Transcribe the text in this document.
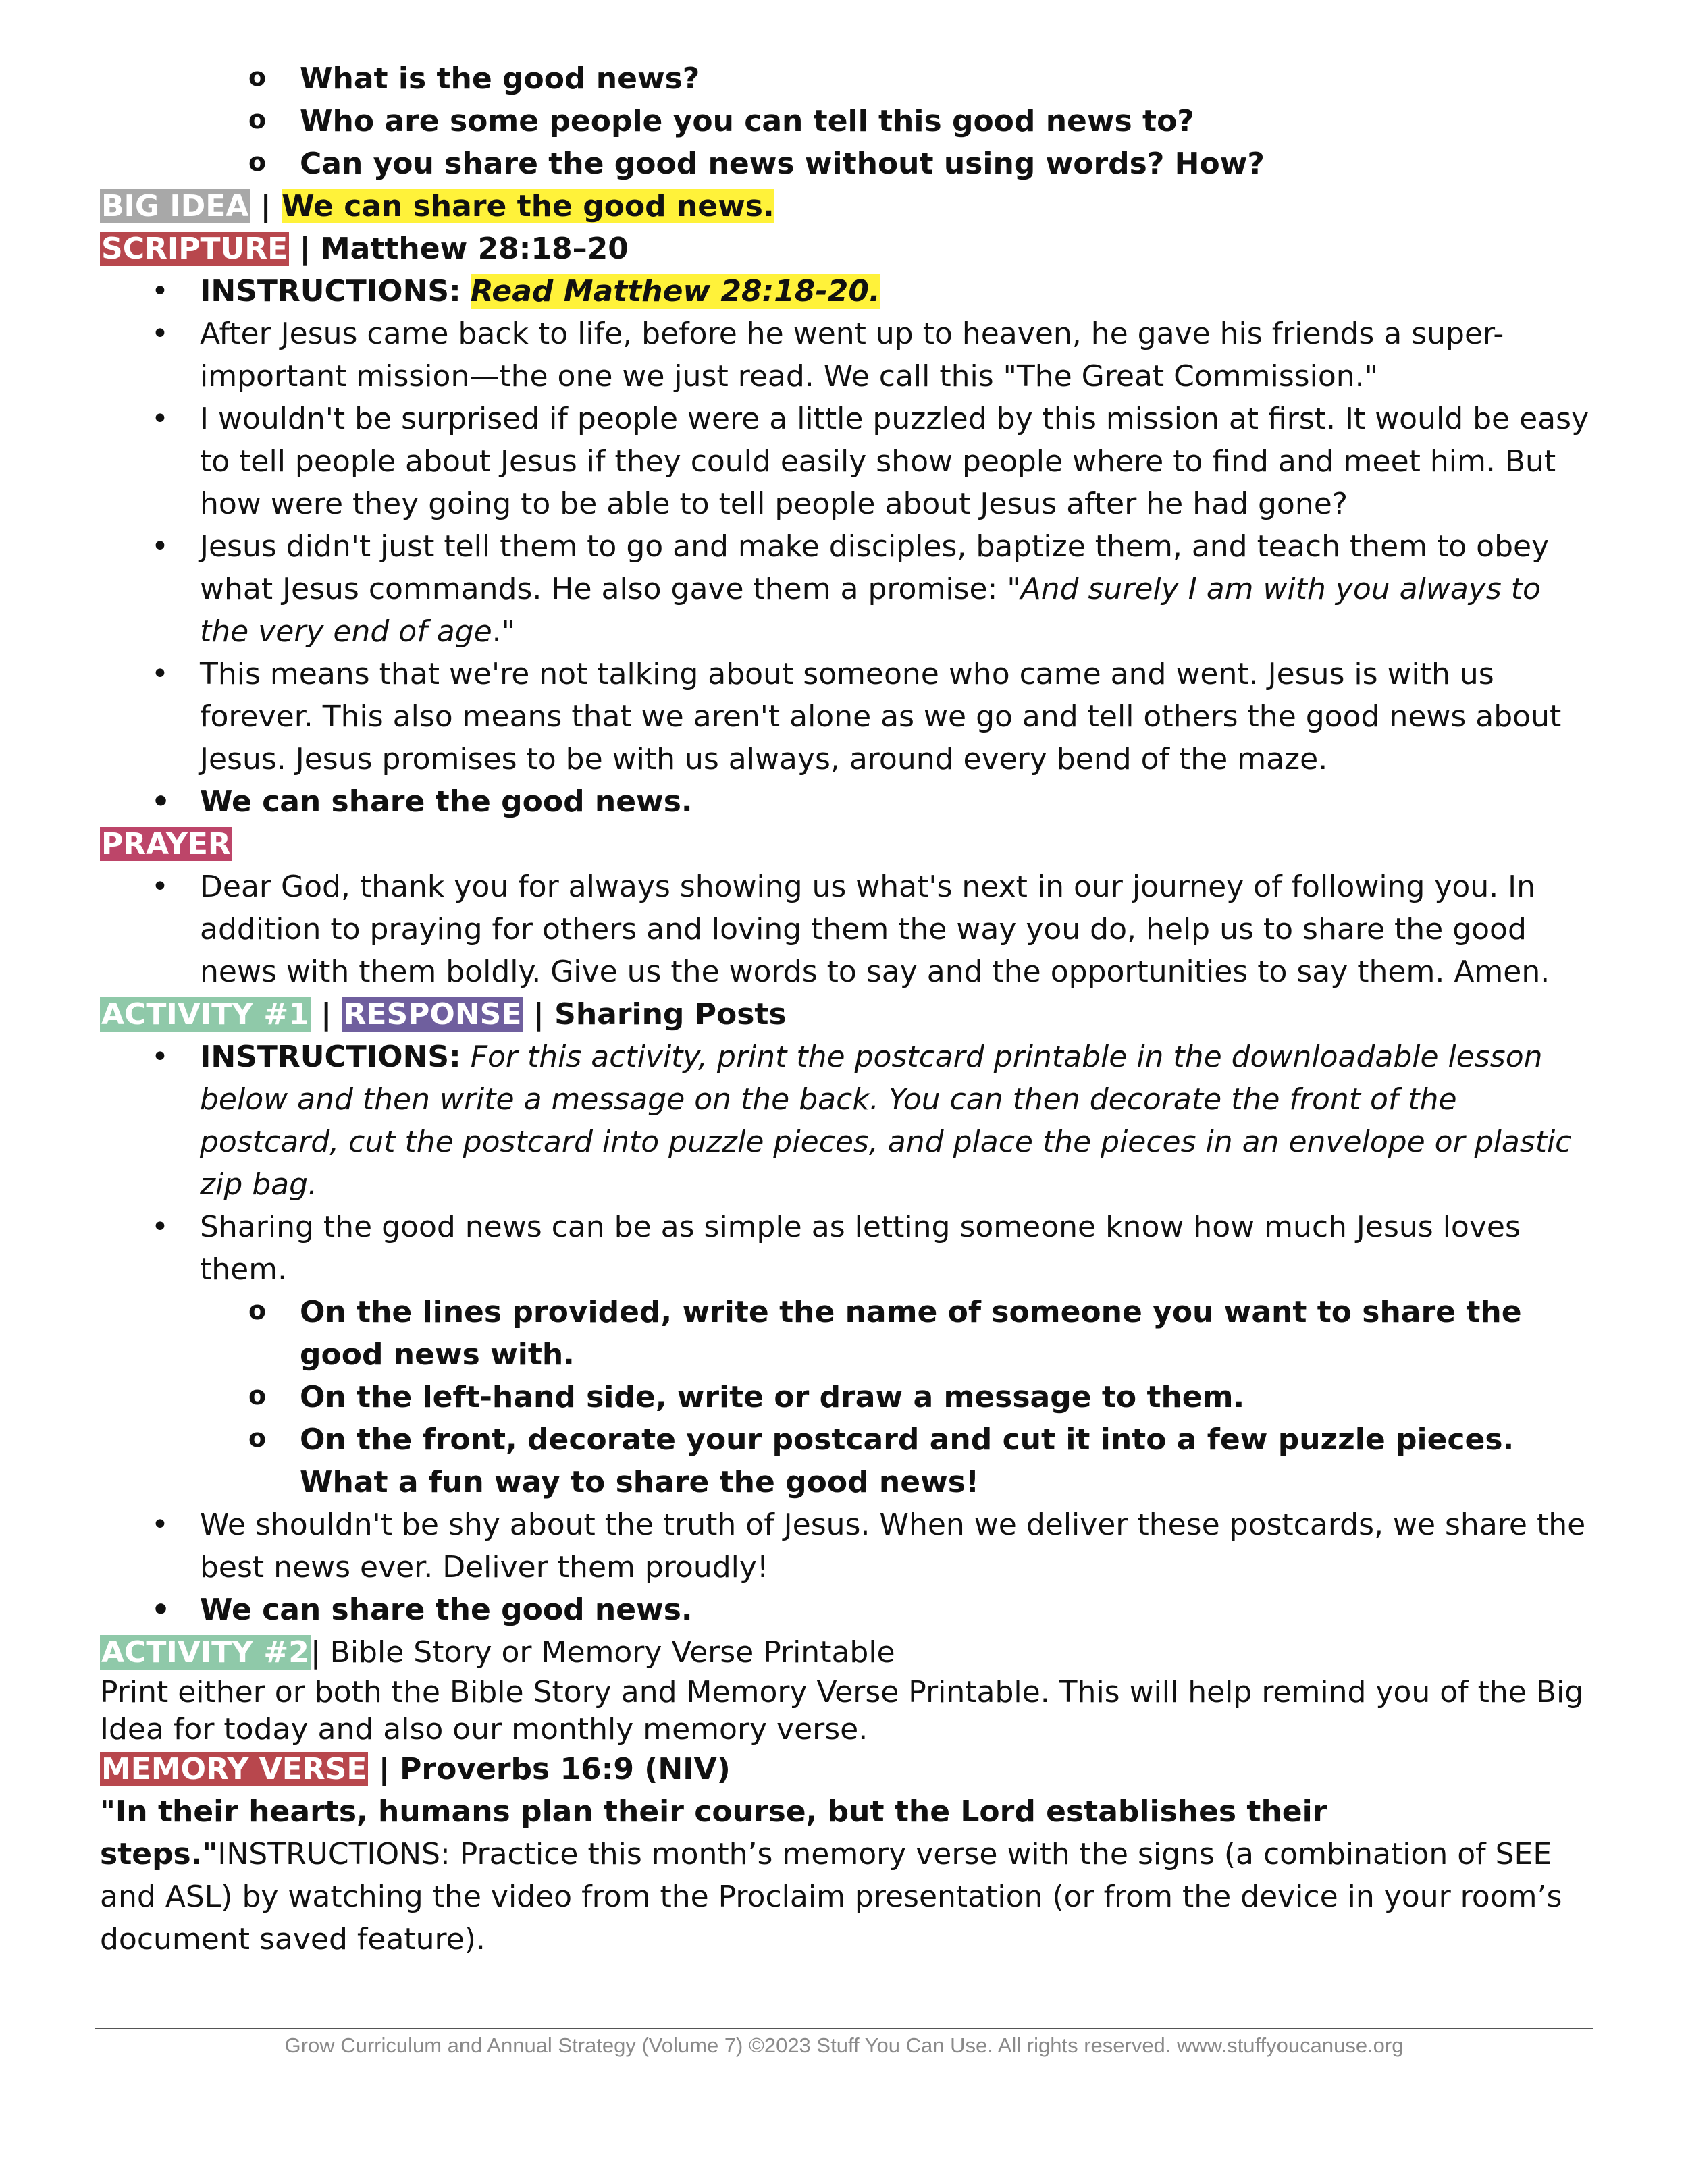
o What is the good news?
o Who are some people you can tell this good news to?
o Can you share the good news without using words? How?

BIG IDEA | We can share the good news.

SCRIPTURE | Matthew 28:18–20

• INSTRUCTIONS: Read Matthew 28:18-20.
• After Jesus came back to life, before he went up to heaven, he gave his friends a super-important mission—the one we just read. We call this "The Great Commission."
• I wouldn't be surprised if people were a little puzzled by this mission at first. It would be easy to tell people about Jesus if they could easily show people where to find and meet him. But how were they going to be able to tell people about Jesus after he had gone?
• Jesus didn't just tell them to go and make disciples, baptize them, and teach them to obey what Jesus commands. He also gave them a promise: "And surely I am with you always to the very end of age."
• This means that we're not talking about someone who came and went. Jesus is with us forever. This also means that we aren't alone as we go and tell others the good news about Jesus. Jesus promises to be with us always, around every bend of the maze.
• We can share the good news.

PRAYER

• Dear God, thank you for always showing us what's next in our journey of following you. In addition to praying for others and loving them the way you do, help us to share the good news with them boldly. Give us the words to say and the opportunities to say them. Amen.

ACTIVITY #1 | RESPONSE | Sharing Posts

• INSTRUCTIONS: For this activity, print the postcard printable in the downloadable lesson below and then write a message on the back. You can then decorate the front of the postcard, cut the postcard into puzzle pieces, and place the pieces in an envelope or plastic zip bag.
• Sharing the good news can be as simple as letting someone know how much Jesus loves them.
o On the lines provided, write the name of someone you want to share the good news with.
o On the left-hand side, write or draw a message to them.
o On the front, decorate your postcard and cut it into a few puzzle pieces. What a fun way to share the good news!
• We shouldn't be shy about the truth of Jesus. When we deliver these postcards, we share the best news ever. Deliver them proudly!
• We can share the good news.

ACTIVITY #2| Bible Story or Memory Verse Printable

Print either or both the Bible Story and Memory Verse Printable. This will help remind you of the Big Idea for today and also our monthly memory verse.

MEMORY VERSE | Proverbs 16:9 (NIV)

"In their hearts, humans plan their course, but the Lord establishes their steps."INSTRUCTIONS: Practice this month’s memory verse with the signs (a combination of SEE and ASL) by watching the video from the Proclaim presentation (or from the device in your room’s document saved feature).

Grow Curriculum and Annual Strategy (Volume 7) ©2023 Stuff You Can Use. All rights reserved. www.stuffyoucanuse.org
